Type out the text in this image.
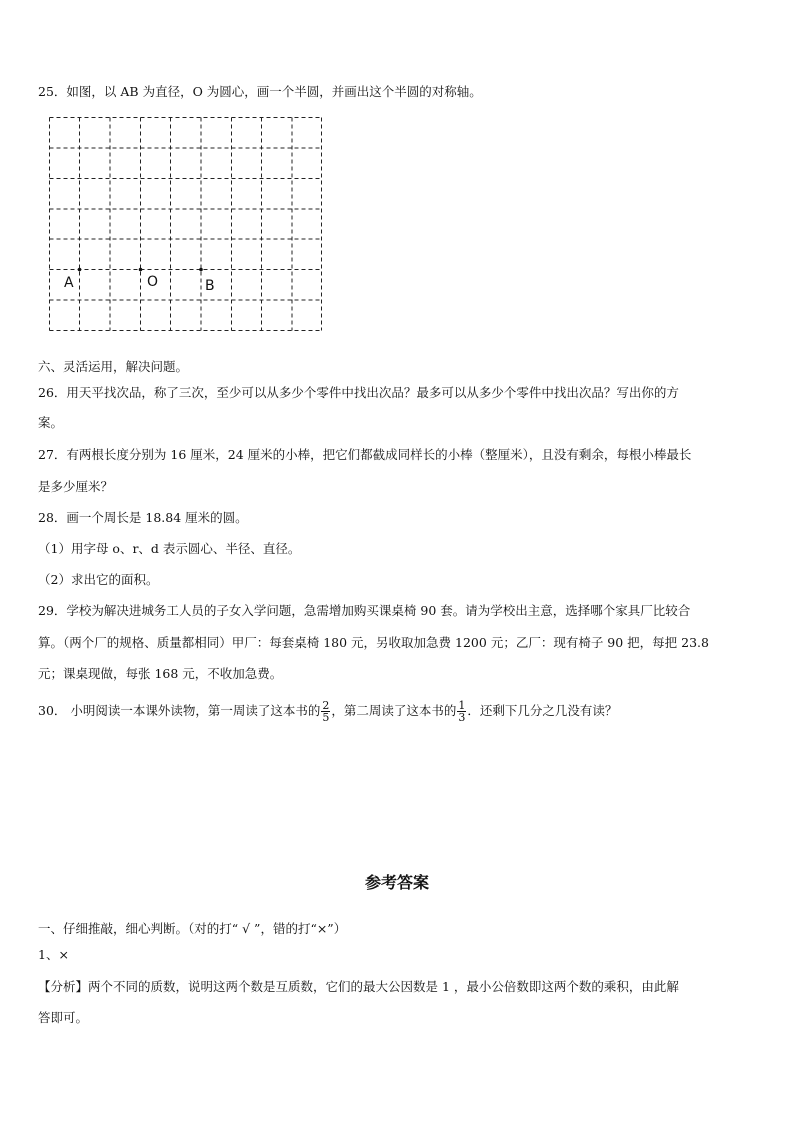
25．如图，以 AB 为直径，O 为圆心，画一个半圆，并画出这个半圆的对称轴。
A	O	B
六、灵活运用，解决问题。
26．用天平找次品，称了三次，至少可以从多少个零件中找出次品？最多可以从多少个零件中找出次品？写出你的方
案。
27．有两根长度分别为 16 厘米，24 厘米的小棒，把它们都截成同样长的小棒（整厘米），且没有剩余，每根小棒最长
是多少厘米？
28．画一个周长是 18.84 厘米的圆。
（1）用字母 o、r、d 表示圆心、半径、直径。
（2）求出它的面积。
29．学校为解决进城务工人员的子女入学问题，急需增加购买课桌椅 90 套。请为学校出主意，选择哪个家具厂比较合
算。（两个厂的规格、质量都相同）甲厂：每套桌椅 180 元，另收取加急费 1200 元；乙厂：现有椅子 90 把，每把 23.8
元；课桌现做，每张 168 元，不收加急费。
30． 小明阅读一本课外读物，第一周读了这本书的 $\frac{2}{5}$ ，第二周读了这本书的 $\frac{1}{3}$ ．还剩下几分之几没有读？
参考答案
一、仔细推敲，细心判断。（对的打“ √ ”，错的打“×”）
1、×
【分析】两个不同的质数，说明这两个数是互质数，它们的最大公因数是 1 ，最小公倍数即这两个数的乘积，由此解
答即可。
